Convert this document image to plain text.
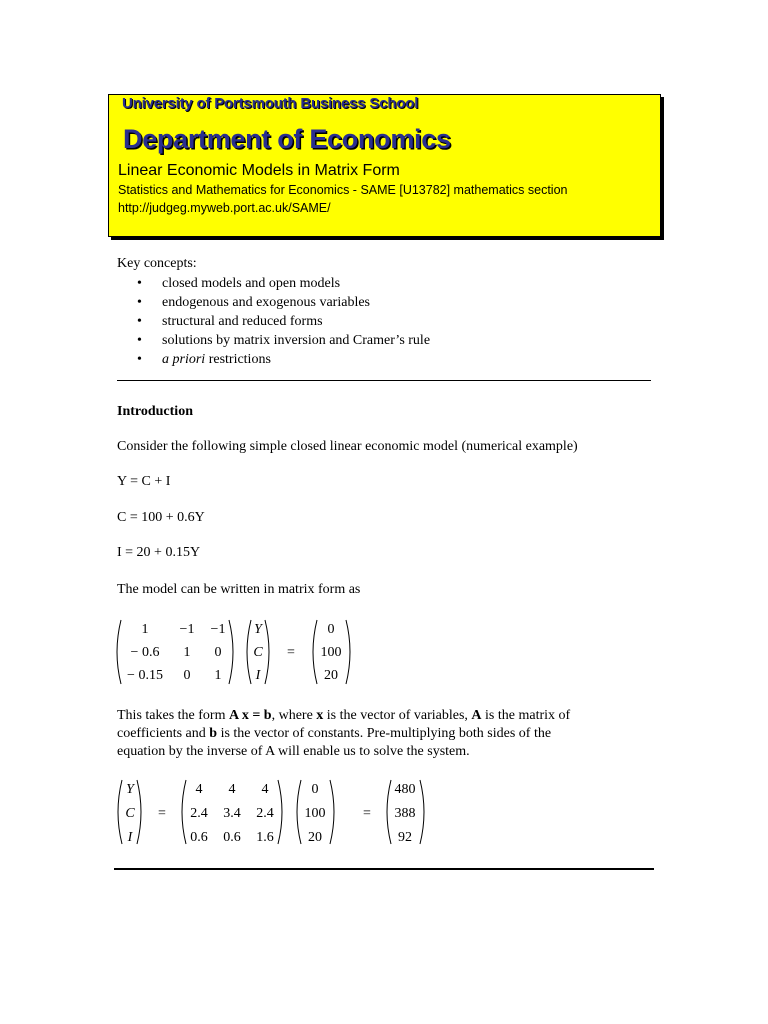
University of Portsmouth Business School
Department of Economics
Linear Economic Models in Matrix Form
Statistics and Mathematics for Economics - SAME [U13782] mathematics section
http://judgeg.myweb.port.ac.uk/SAME/
Key concepts:
• closed models and open models
• endogenous and exogenous variables
• structural and reduced forms
• solutions by matrix inversion and Cramer’s rule
• a priori restrictions
Introduction
Consider the following simple closed linear economic model (numerical example)
Y = C + I
C = 100 + 0.6Y
I = 20 + 0.15Y
The model can be written in matrix form as
1 −1 −1
− 0.6 1 0
− 0.15 0 1
Y
C
I
=
0
100
20
This takes the form A x = b, where x is the vector of variables, A is the matrix of
coefficients and b is the vector of constants. Pre-multiplying both sides of the
equation by the inverse of A will enable us to solve the system.
Y
C
I
=
4 4 4
2.4 3.4 2.4
0.6 0.6 1.6
0
100
20
=
480
388
92
